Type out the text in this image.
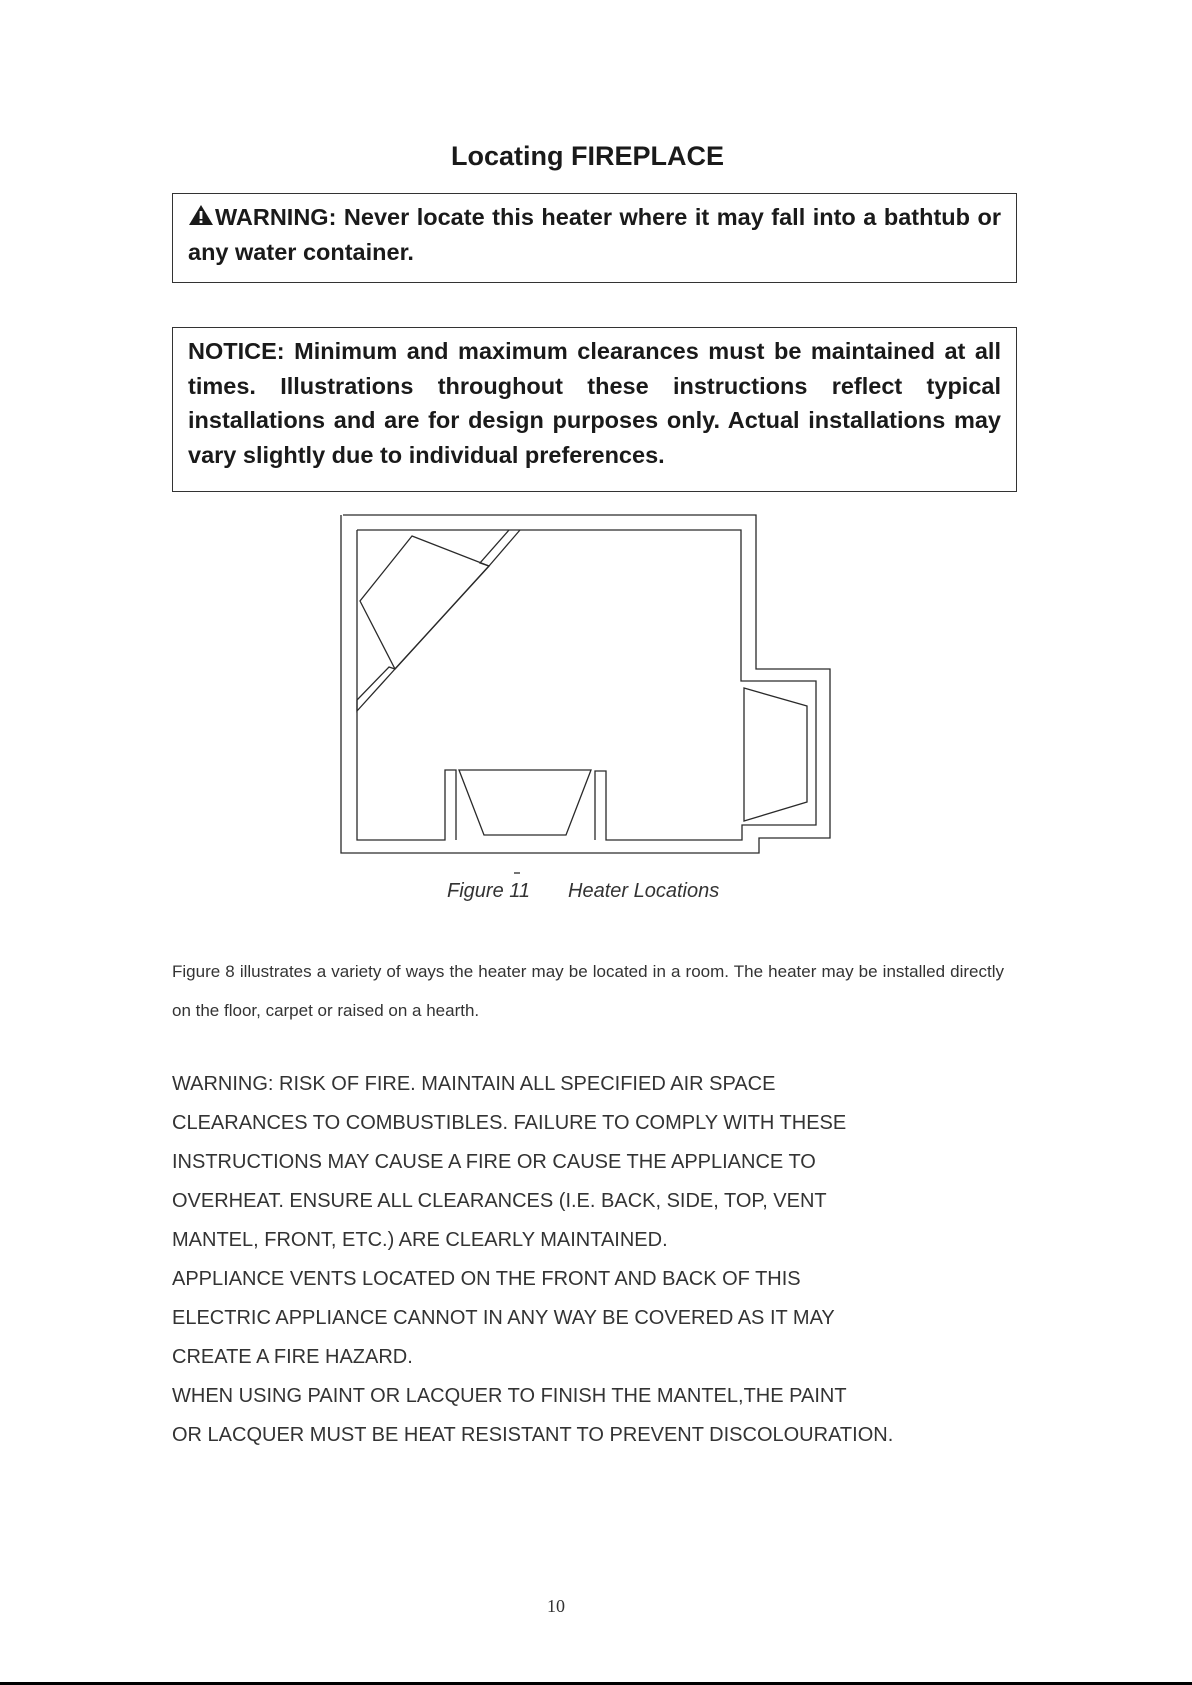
Locating FIREPLACE
WARNING: Never locate this heater where it may fall into a bathtub or any water container.
NOTICE: Minimum and maximum clearances must be maintained at all times. Illustrations throughout these instructions reflect typical installations and are for design purposes only. Actual installations may vary slightly due to individual preferences.
Figure 11 Heater Locations
Figure 8 illustrates a variety of ways the heater may be located in a room. The heater may be installed directly on the floor, carpet or raised on a hearth.
WARNING: RISK OF FIRE. MAINTAIN ALL SPECIFIED AIR SPACE
CLEARANCES TO COMBUSTIBLES. FAILURE TO COMPLY WITH THESE
INSTRUCTIONS MAY CAUSE A FIRE OR CAUSE THE APPLIANCE TO
OVERHEAT. ENSURE ALL CLEARANCES (I.E. BACK, SIDE, TOP, VENT
MANTEL, FRONT, ETC.) ARE CLEARLY MAINTAINED.
APPLIANCE VENTS LOCATED ON THE FRONT AND BACK OF THIS
ELECTRIC APPLIANCE CANNOT IN ANY WAY BE COVERED AS IT MAY
CREATE A FIRE HAZARD.
WHEN USING PAINT OR LACQUER TO FINISH THE MANTEL,THE PAINT
OR LACQUER MUST BE HEAT RESISTANT TO PREVENT DISCOLOURATION.
10
